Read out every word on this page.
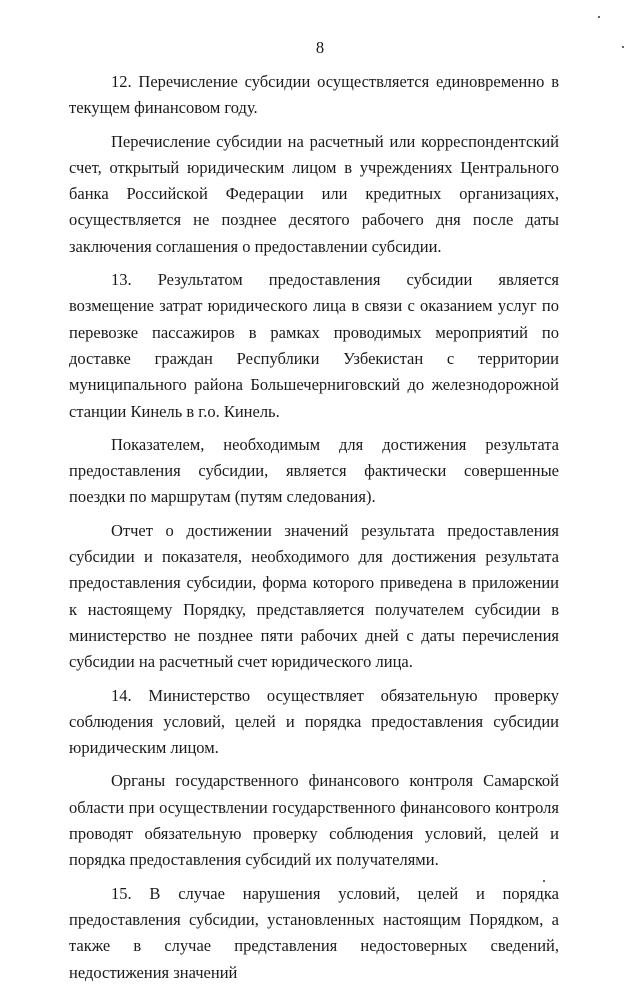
8

12. Перечисление субсидии осуществляется единовременно в текущем финансовом году.

Перечисление субсидии на расчетный или корреспондентский счет, открытый юридическим лицом в учреждениях Центрального банка Российской Федерации или кредитных организациях, осуществляется не позднее десятого рабочего дня после даты заключения соглашения о предоставлении субсидии.

13. Результатом предоставления субсидии является возмещение затрат юридического лица в связи с оказанием услуг по перевозке пассажиров в рамках проводимых мероприятий по доставке граждан Республики Узбекистан с территории муниципального района Большечерниговский до железнодорожной станции Кинель в г.о. Кинель.

Показателем, необходимым для достижения результата предоставления субсидии, является фактически совершенные поездки по маршрутам (путям следования).

Отчет о достижении значений результата предоставления субсидии и показателя, необходимого для достижения результата предоставления субсидии, форма которого приведена в приложении к настоящему Порядку, представляется получателем субсидии в министерство не позднее пяти рабочих дней с даты перечисления субсидии на расчетный счет юридического лица.

14. Министерство осуществляет обязательную проверку соблюдения условий, целей и порядка предоставления субсидии юридическим лицом.

Органы государственного финансового контроля Самарской области при осуществлении государственного финансового контроля проводят обязательную проверку соблюдения условий, целей и порядка предоставления субсидий их получателями.

15. В случае нарушения условий, целей и порядка предоставления субсидии, установленных настоящим Порядком, а также в случае представления недостоверных сведений, недостижения значений
